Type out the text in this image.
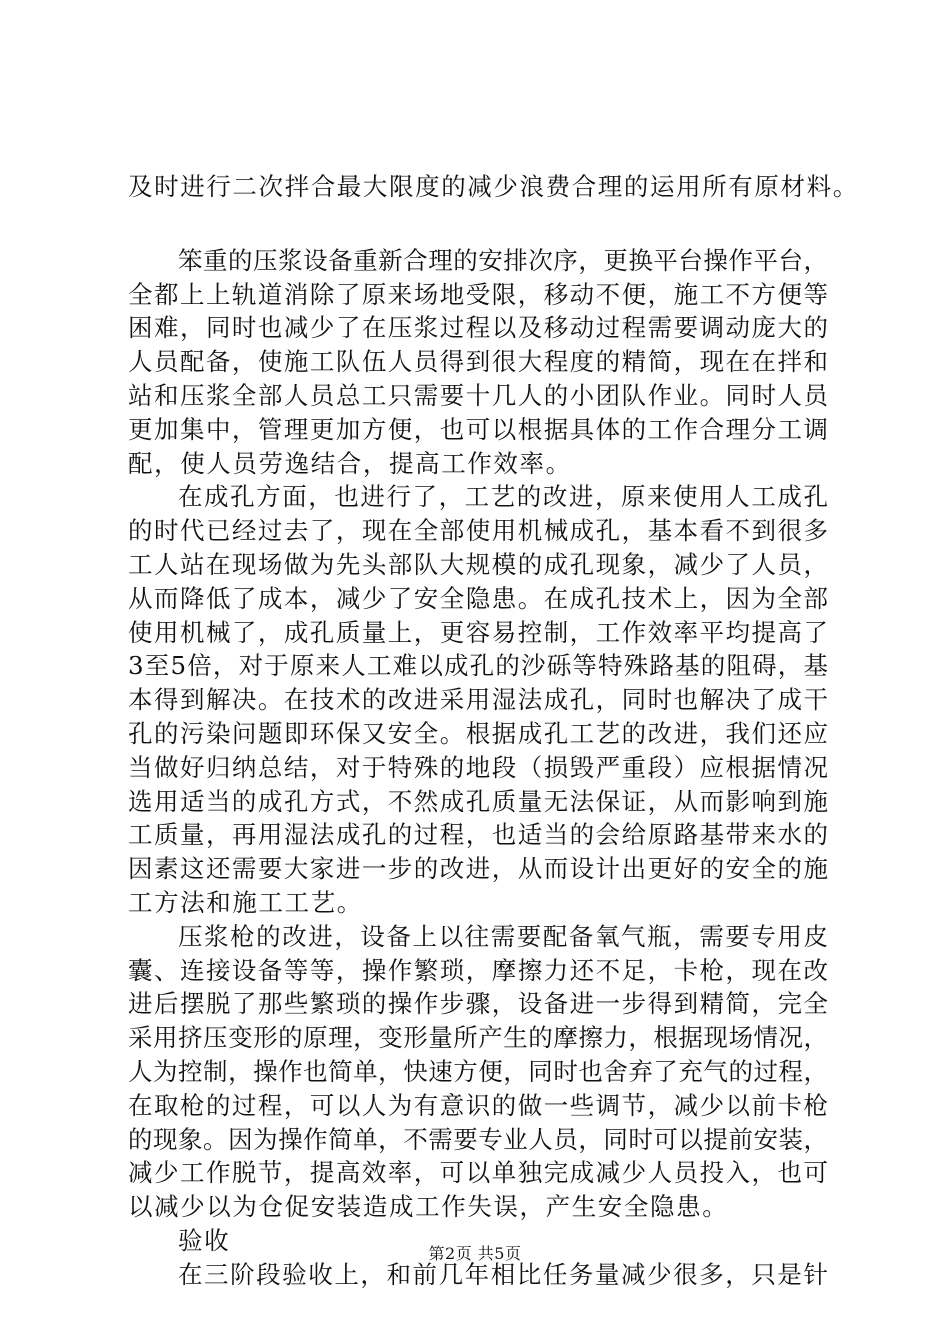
及时进行二次拌合最大限度的减少浪费合理的运用所有原材料。
笨重的压浆设备重新合理的安排次序，更换平台操作平台，
全都上上轨道消除了原来场地受限，移动不便，施工不方便等
困难，同时也减少了在压浆过程以及移动过程需要调动庞大的
人员配备，使施工队伍人员得到很大程度的精简，现在在拌和
站和压浆全部人员总工只需要十几人的小团队作业。同时人员
更加集中，管理更加方便，也可以根据具体的工作合理分工调
配，使人员劳逸结合，提高工作效率。
在成孔方面，也进行了，工艺的改进，原来使用人工成孔
的时代已经过去了，现在全部使用机械成孔，基本看不到很多
工人站在现场做为先头部队大规模的成孔现象，减少了人员，
从而降低了成本，减少了安全隐患。在成孔技术上，因为全部
使用机械了，成孔质量上，更容易控制，工作效率平均提高了
3至5倍，对于原来人工难以成孔的沙砾等特殊路基的阻碍，基
本得到解决。在技术的改进采用湿法成孔，同时也解决了成干
孔的污染问题即环保又安全。根据成孔工艺的改进，我们还应
当做好归纳总结，对于特殊的地段（损毁严重段）应根据情况
选用适当的成孔方式，不然成孔质量无法保证，从而影响到施
工质量，再用湿法成孔的过程，也适当的会给原路基带来水的
因素这还需要大家进一步的改进，从而设计出更好的安全的施
工方法和施工工艺。
压浆枪的改进，设备上以往需要配备氧气瓶，需要专用皮
囊、连接设备等等，操作繁琐，摩擦力还不足，卡枪，现在改
进后摆脱了那些繁琐的操作步骤，设备进一步得到精简，完全
采用挤压变形的原理，变形量所产生的摩擦力，根据现场情况，
人为控制，操作也简单，快速方便，同时也舍弃了充气的过程，
在取枪的过程，可以人为有意识的做一些调节，减少以前卡枪
的现象。因为操作简单，不需要专业人员，同时可以提前安装，
减少工作脱节，提高效率，可以单独完成减少人员投入，也可
以减少以为仓促安装造成工作失误，产生安全隐患。
验收
在三阶段验收上，和前几年相比任务量减少很多，只是针
第2页 共5页
